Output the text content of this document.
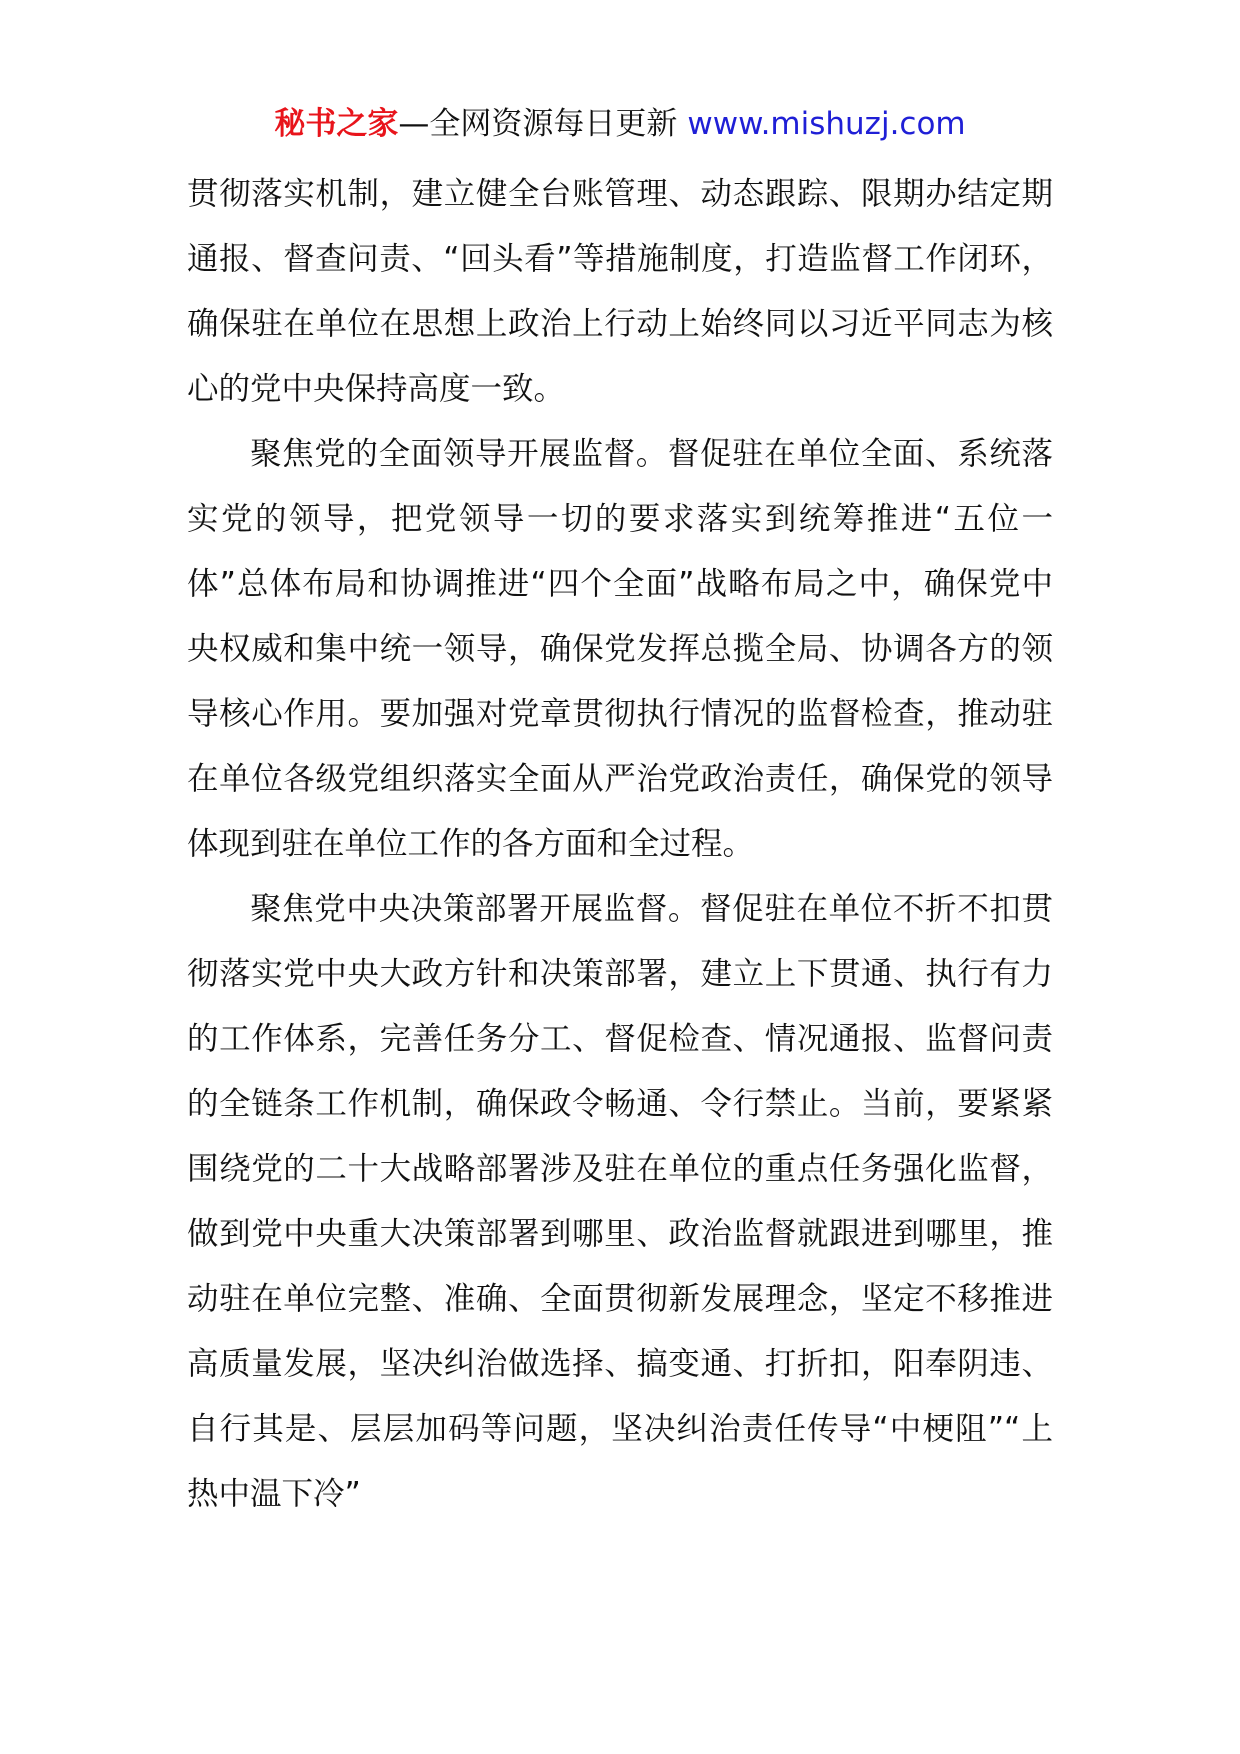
秘书之家—全网资源每日更新 www.mishuzj.com

贯彻落实机制，建立健全台账管理、动态跟踪、限期办结定期通报、督查问责、“回头看”等措施制度，打造监督工作闭环，确保驻在单位在思想上政治上行动上始终同以习近平同志为核心的党中央保持高度一致。

聚焦党的全面领导开展监督。督促驻在单位全面、系统落实党的领导，把党领导一切的要求落实到统筹推进“五位一体”总体布局和协调推进“四个全面”战略布局之中，确保党中央权威和集中统一领导，确保党发挥总揽全局、协调各方的领导核心作用。要加强对党章贯彻执行情况的监督检查，推动驻在单位各级党组织落实全面从严治党政治责任，确保党的领导体现到驻在单位工作的各方面和全过程。

聚焦党中央决策部署开展监督。督促驻在单位不折不扣贯彻落实党中央大政方针和决策部署，建立上下贯通、执行有力的工作体系，完善任务分工、督促检查、情况通报、监督问责的全链条工作机制，确保政令畅通、令行禁止。当前，要紧紧围绕党的二十大战略部署涉及驻在单位的重点任务强化监督，做到党中央重大决策部署到哪里、政治监督就跟进到哪里，推动驻在单位完整、准确、全面贯彻新发展理念，坚定不移推进高质量发展，坚决纠治做选择、搞变通、打折扣，阳奉阴违、自行其是、层层加码等问题，坚决纠治责任传导“中梗阻”“上热中温下冷”
